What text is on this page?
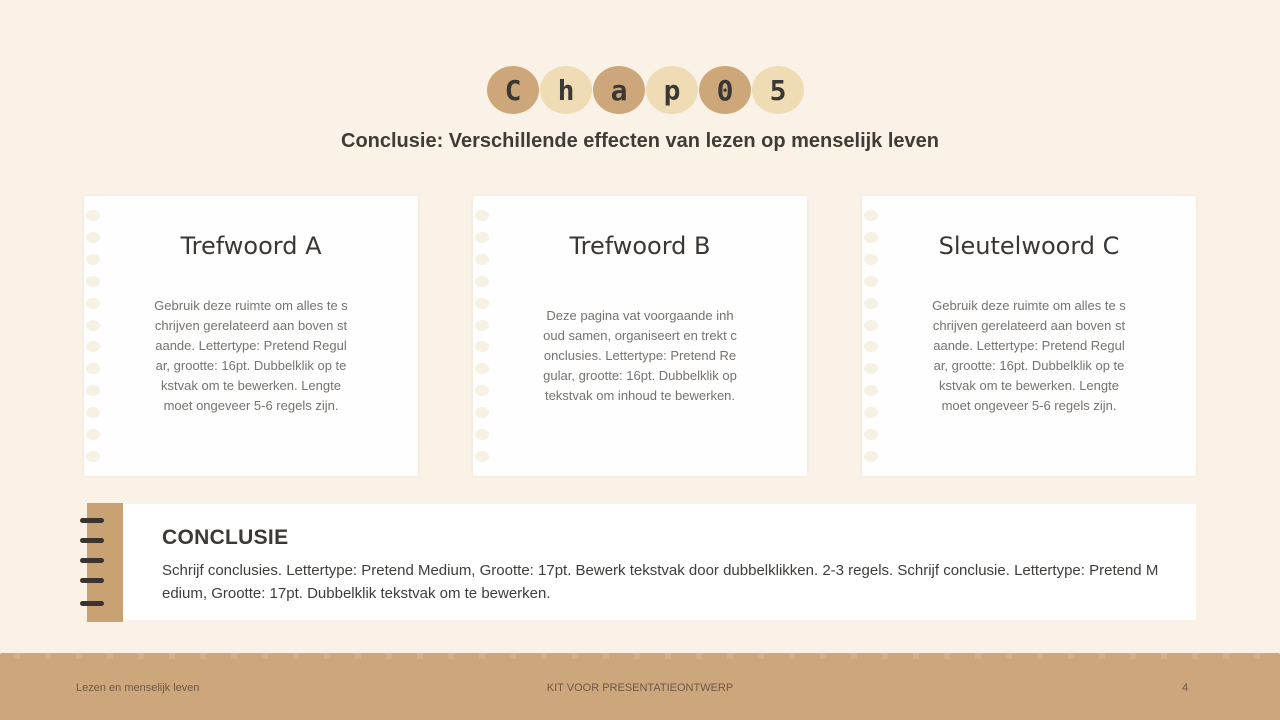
C	h	a	p	0	5
Conclusie: Verschillende effecten van lezen op menselijk leven
Trefwoord A
Gebruik deze ruimte om alles te schrijven gerelateerd aan boven staande. Lettertype: Pretend Regular, grootte: 16pt. Dubbelklik op tekstvak om te bewerken. Lengte moet ongeveer 5-6 regels zijn.
Trefwoord B
Deze pagina vat voorgaande inhoud samen, organiseert en trekt conclusies. Lettertype: Pretend Regular, grootte: 16pt. Dubbelklik op tekstvak om inhoud te bewerken.
Sleutelwoord C
Gebruik deze ruimte om alles te schrijven gerelateerd aan boven staande. Lettertype: Pretend Regular, grootte: 16pt. Dubbelklik op tekstvak om te bewerken. Lengte moet ongeveer 5-6 regels zijn.
CONCLUSIE
Schrijf conclusies. Lettertype: Pretend Medium, Grootte: 17pt. Bewerk tekstvak door dubbelklikken. 2-3 regels. Schrijf conclusie. Lettertype: Pretend Medium, Grootte: 17pt. Dubbelklik tekstvak om te bewerken.
Lezen en menselijk leven	KIT VOOR PRESENTATIEONTWERP	4
